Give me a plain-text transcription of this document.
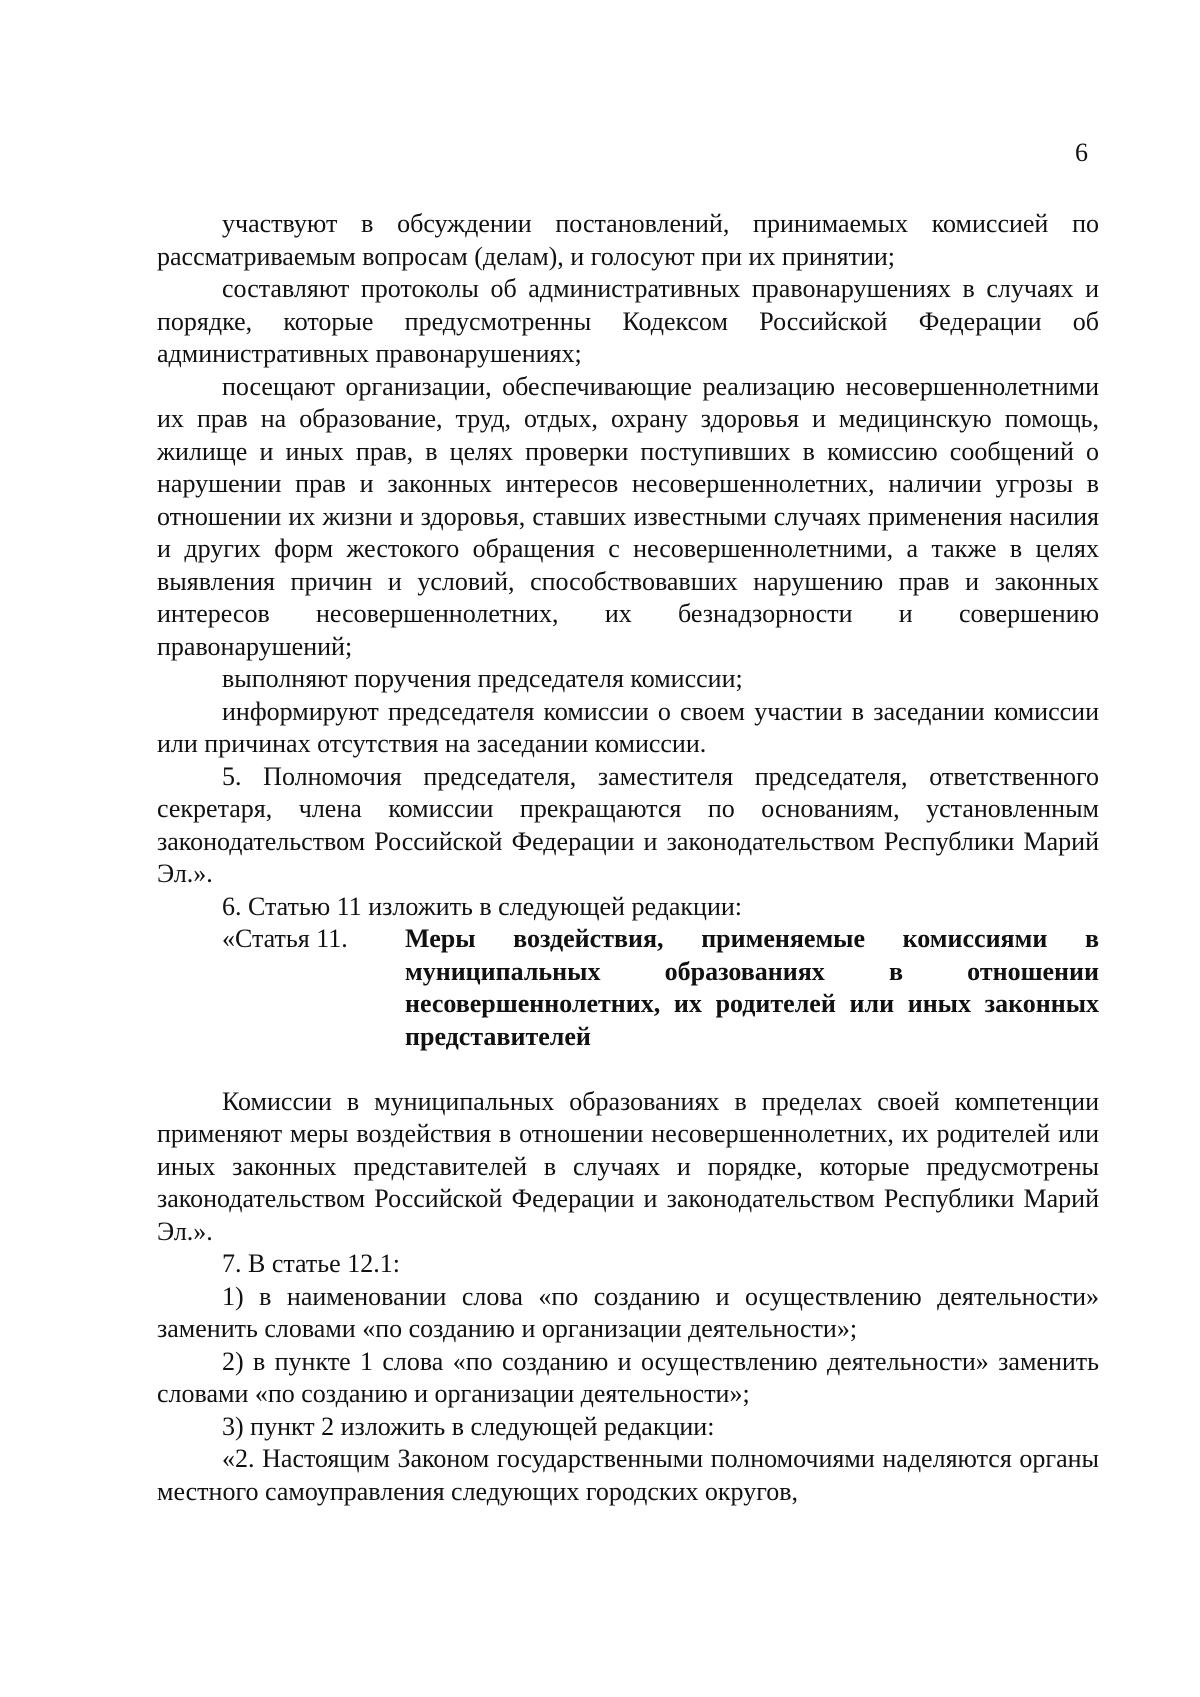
6

участвуют в обсуждении постановлений, принимаемых комиссией по рассматриваемым вопросам (делам), и голосуют при их принятии;

составляют протоколы об административных правонарушениях в случаях и порядке, которые предусмотренны Кодексом Российской Федерации об административных правонарушениях;

посещают организации, обеспечивающие реализацию несовершеннолетними их прав на образование, труд, отдых, охрану здоровья и медицинскую помощь, жилище и иных прав, в целях проверки поступивших в комиссию сообщений о нарушении прав и законных интересов несовершеннолетних, наличии угрозы в отношении их жизни и здоровья, ставших известными случаях применения насилия и других форм жестокого обращения с несовершеннолетними, а также в целях выявления причин и условий, способствовавших нарушению прав и законных интересов несовершеннолетних, их безнадзорности и совершению правонарушений;

выполняют поручения председателя комиссии;

информируют председателя комиссии о своем участии в заседании комиссии или причинах отсутствия на заседании комиссии.

5. Полномочия председателя, заместителя председателя, ответственного секретаря, члена комиссии прекращаются по основаниям, установленным законодательством Российской Федерации и законодательством Республики Марий Эл.».

6. Статью 11 изложить в следующей редакции:

«Статья 11.	Меры воздействия, применяемые комиссиями в муниципальных образованиях в отношении несовершеннолетних, их родителей или иных законных представителей

Комиссии в муниципальных образованиях в пределах своей компетенции применяют меры воздействия в отношении несовершеннолетних, их родителей или иных законных представителей в случаях и порядке, которые предусмотрены законодательством Российской Федерации и законодательством Республики Марий Эл.».

7. В статье 12.1:

1) в наименовании слова «по созданию и осуществлению деятельности» заменить словами «по созданию и организации деятельности»;

2) в пункте 1 слова «по созданию и осуществлению деятельности» заменить словами «по созданию и организации деятельности»;

3) пункт 2 изложить в следующей редакции:

«2. Настоящим Законом государственными полномочиями наделяются органы местного самоуправления следующих городских округов,
